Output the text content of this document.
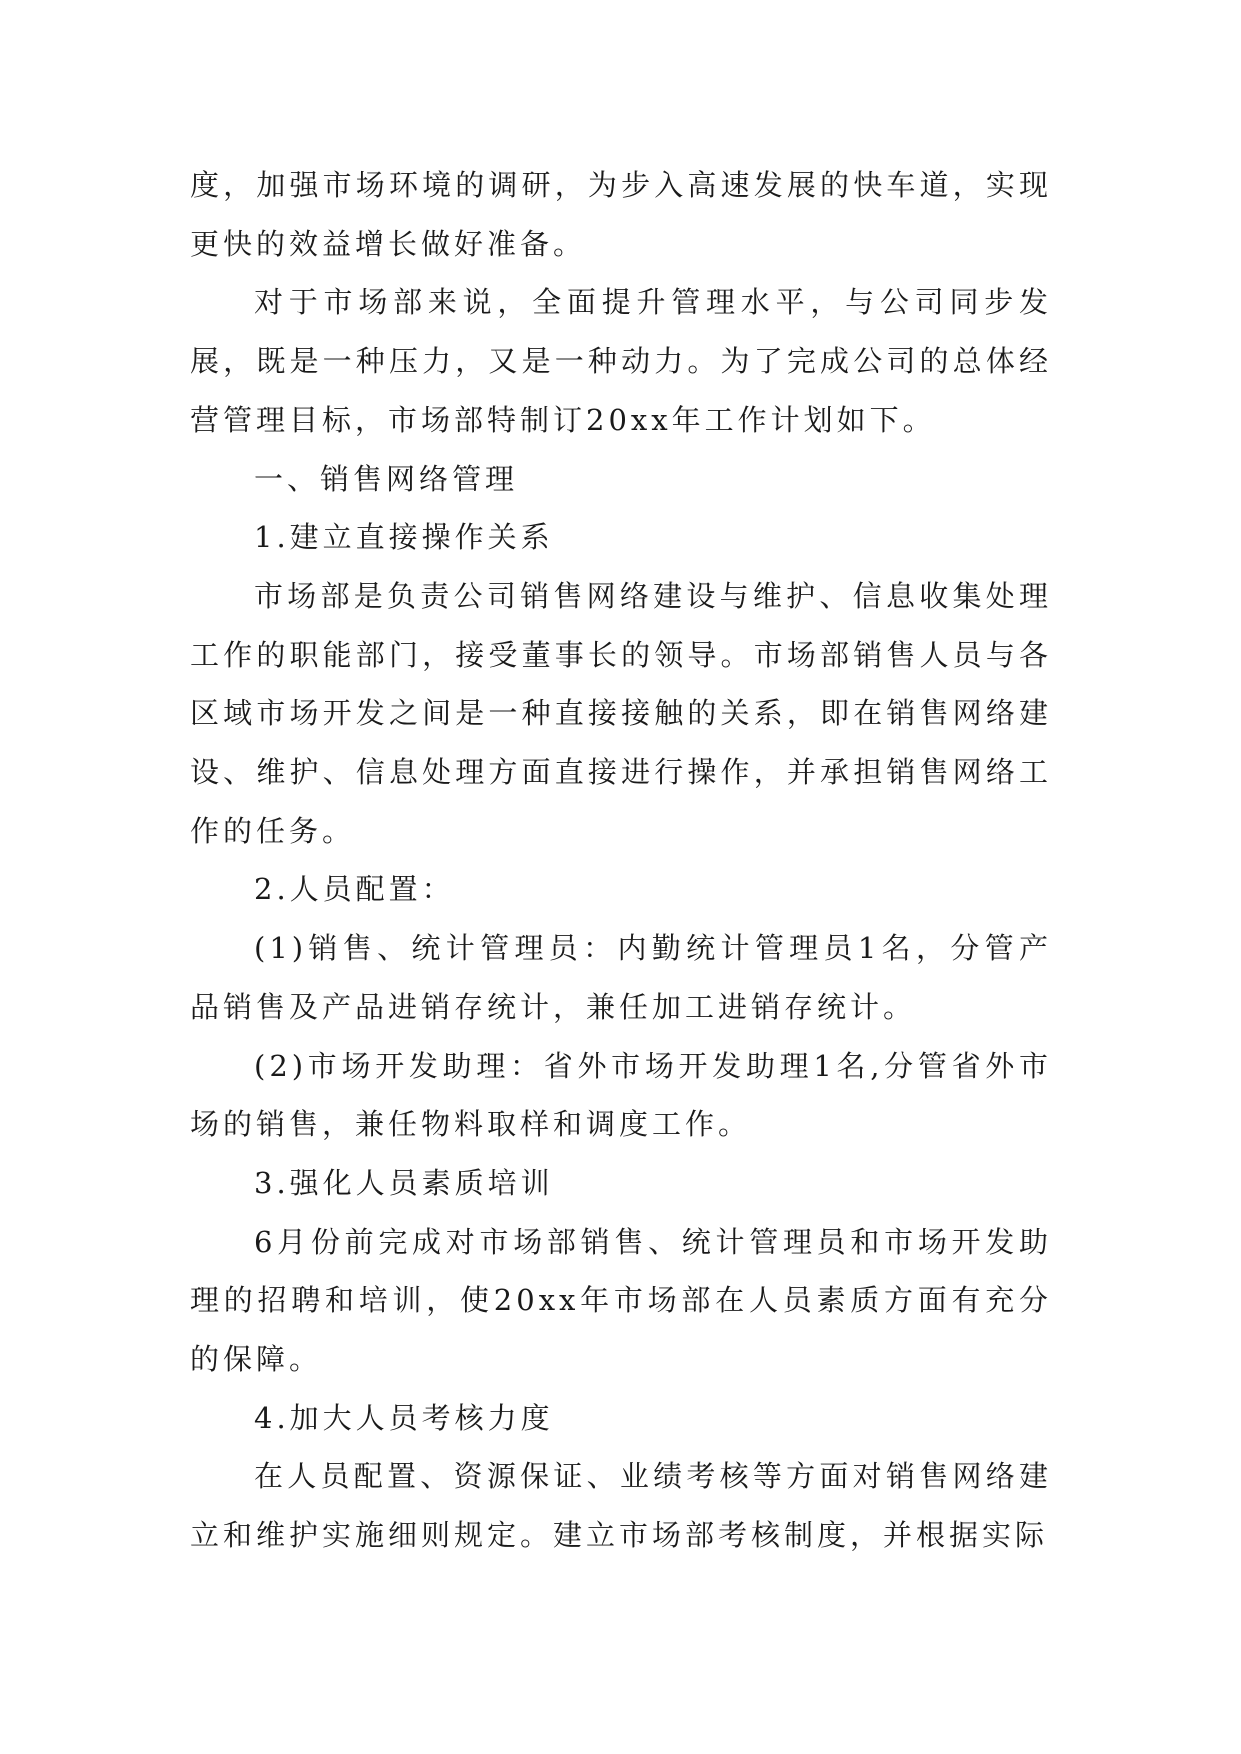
度，加强市场环境的调研，为步入高速发展的快车道，实现更快的效益增长做好准备。

对于市场部来说，全面提升管理水平，与公司同步发展，既是一种压力，又是一种动力。为了完成公司的总体经营管理目标，市场部特制订20xx年工作计划如下。

一、销售网络管理

1.建立直接操作关系

市场部是负责公司销售网络建设与维护、信息收集处理工作的职能部门，接受董事长的领导。市场部销售人员与各区域市场开发之间是一种直接接触的关系，即在销售网络建设、维护、信息处理方面直接进行操作，并承担销售网络工作的任务。

2.人员配置：

(1)销售、统计管理员：内勤统计管理员1名，分管产品销售及产品进销存统计，兼任加工进销存统计。

(2)市场开发助理：省外市场开发助理1名,分管省外市场的销售，兼任物料取样和调度工作。

3.强化人员素质培训

6月份前完成对市场部销售、统计管理员和市场开发助理的招聘和培训，使20xx年市场部在人员素质方面有充分的保障。

4.加大人员考核力度

在人员配置、资源保证、业绩考核等方面对销售网络建立和维护实施细则规定。建立市场部考核制度，并根据实际
